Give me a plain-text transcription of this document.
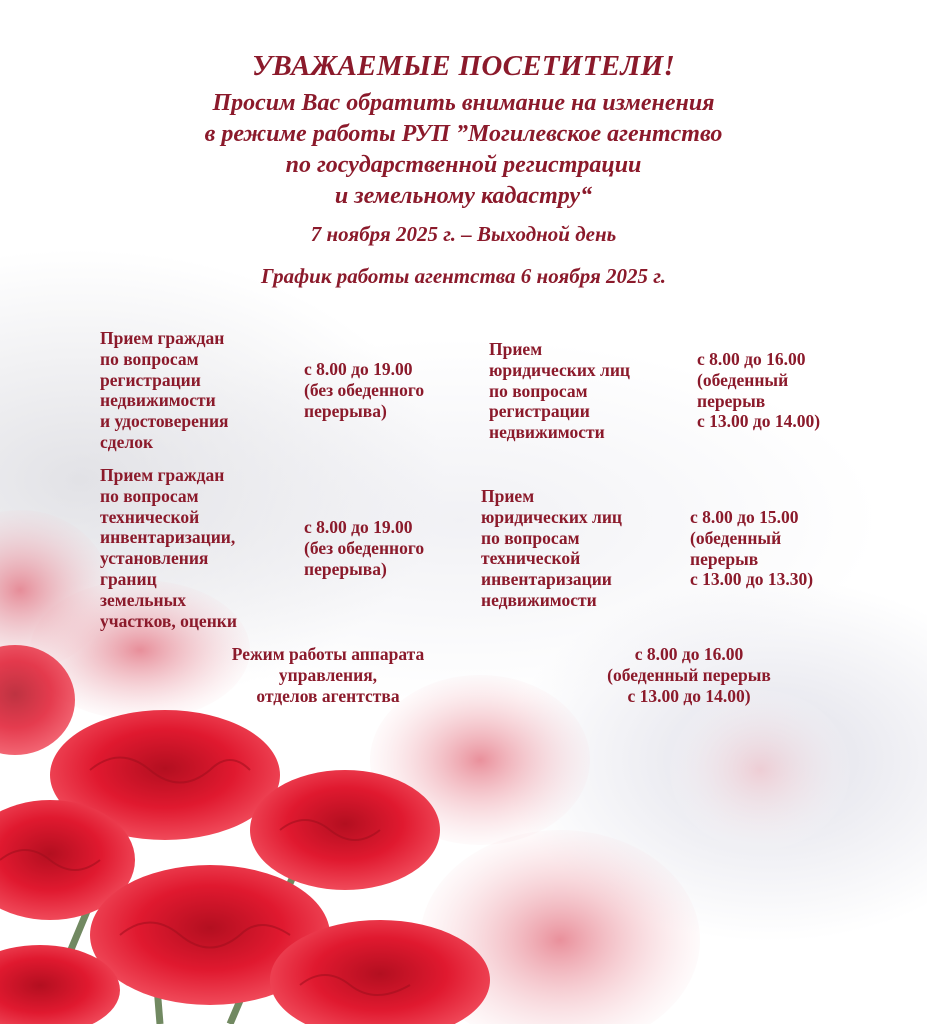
УВАЖАЕМЫЕ ПОСЕТИТЕЛИ!
Просим Вас обратить внимание на изменения
в режиме работы РУП ”Могилевское агентство
по государственной регистрации
и земельному кадастру“
7 ноября 2025 г. – Выходной день
График работы агентства 6 ноября 2025 г.
Прием граждан
по вопросам
регистрации
недвижимости
и удостоверения
сделок
с 8.00 до 19.00
(без обеденного
перерыва)
Прием
юридических лиц
по вопросам
регистрации
недвижимости
с 8.00 до 16.00
(обеденный
перерыв
с 13.00 до 14.00)
Прием граждан
по вопросам
технической
инвентаризации,
установления
границ
земельных
участков, оценки
с 8.00 до 19.00
(без обеденного
перерыва)
Прием
юридических лиц
по вопросам
технической
инвентаризации
недвижимости
с 8.00 до 15.00
(обеденный
перерыв
с 13.00 до 13.30)
Режим работы аппарата
управления,
отделов агентства
с 8.00 до 16.00
(обеденный перерыв
с 13.00 до 14.00)
